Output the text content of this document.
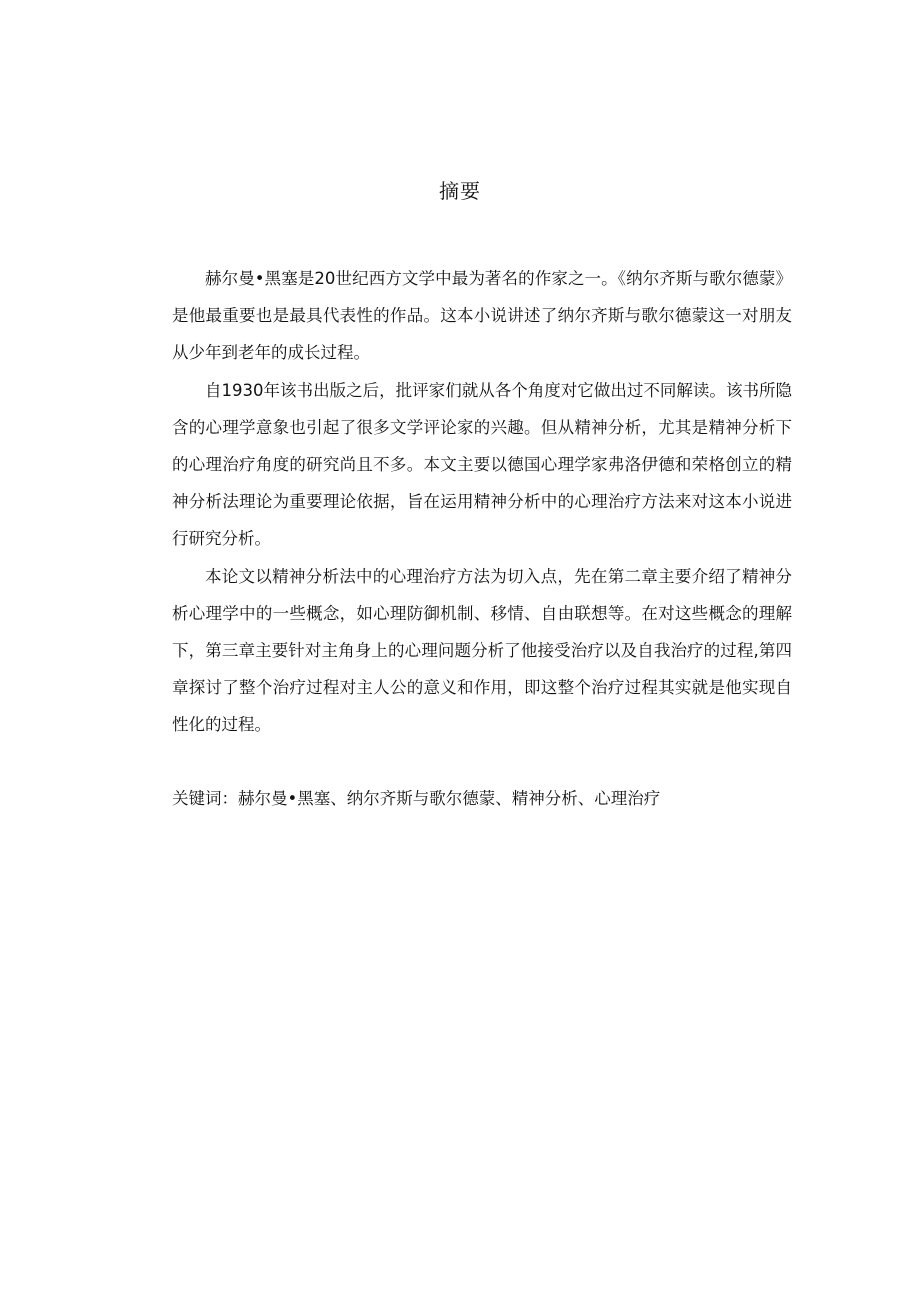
摘要

赫尔曼•黑塞是20世纪西方文学中最为著名的作家之一。《纳尔齐斯与歌尔德蒙》是他最重要也是最具代表性的作品。这本小说讲述了纳尔齐斯与歌尔德蒙这一对朋友从少年到老年的成长过程。

自1930年该书出版之后，批评家们就从各个角度对它做出过不同解读。该书所隐含的心理学意象也引起了很多文学评论家的兴趣。但从精神分析，尤其是精神分析下的心理治疗角度的研究尚且不多。本文主要以德国心理学家弗洛伊德和荣格创立的精神分析法理论为重要理论依据，旨在运用精神分析中的心理治疗方法来对这本小说进行研究分析。

本论文以精神分析法中的心理治疗方法为切入点，先在第二章主要介绍了精神分析心理学中的一些概念，如心理防御机制、移情、自由联想等。在对这些概念的理解下，第三章主要针对主角身上的心理问题分析了他接受治疗以及自我治疗的过程,第四章探讨了整个治疗过程对主人公的意义和作用，即这整个治疗过程其实就是他实现自性化的过程。

关键词：赫尔曼•黑塞、纳尔齐斯与歌尔德蒙、精神分析、心理治疗
